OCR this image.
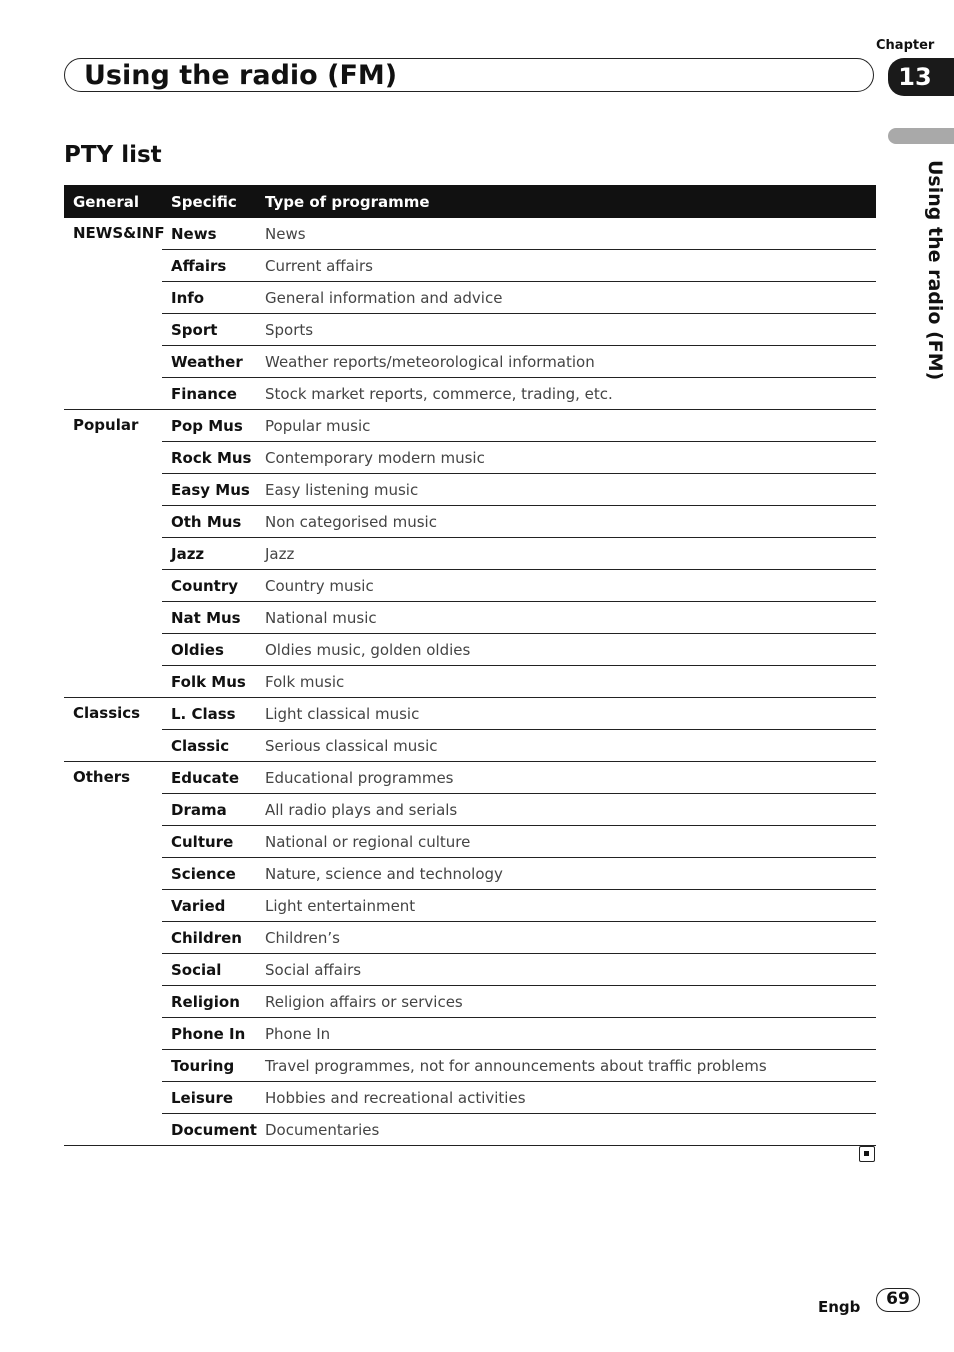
Chapter
Using the radio (FM)	13
Using the radio (FM)
PTY list
General	Specific	Type of programme
NEWS&INF	News	News
	Affairs	Current affairs
	Info	General information and advice
	Sport	Sports
	Weather	Weather reports/meteorological information
	Finance	Stock market reports, commerce, trading, etc.
Popular	Pop Mus	Popular music
	Rock Mus	Contemporary modern music
	Easy Mus	Easy listening music
	Oth Mus	Non categorised music
	Jazz	Jazz
	Country	Country music
	Nat Mus	National music
	Oldies	Oldies music, golden oldies
	Folk Mus	Folk music
Classics	L. Class	Light classical music
	Classic	Serious classical music
Others	Educate	Educational programmes
	Drama	All radio plays and serials
	Culture	National or regional culture
	Science	Nature, science and technology
	Varied	Light entertainment
	Children	Children’s
	Social	Social affairs
	Religion	Religion affairs or services
	Phone In	Phone In
	Touring	Travel programmes, not for announcements about traffic problems
	Leisure	Hobbies and recreational activities
	Document	Documentaries
Engb	69
